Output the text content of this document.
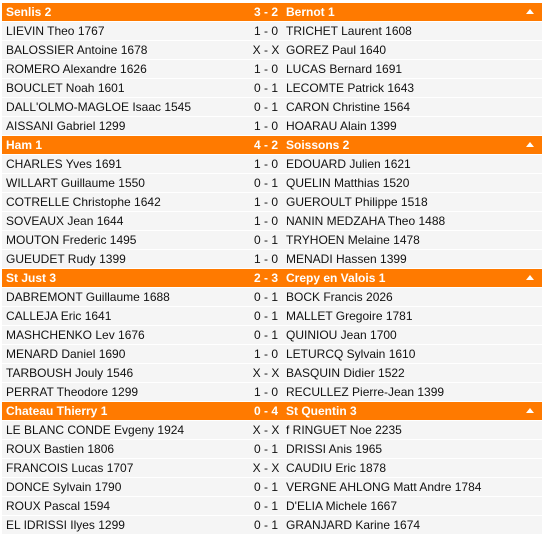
Senlis 2	3 - 2	Bernot 1

LIEVIN Theo 1767	1 - 0	TRICHET Laurent 1608
BALOSSIER Antoine 1678	X - X	GOREZ Paul 1640
ROMERO Alexandre 1626	1 - 0	LUCAS Bernard 1691
BOUCLET Noah 1601	0 - 1	LECOMTE Patrick 1643
DALL'OLMO-MAGLOE Isaac 1545	0 - 1	CARON Christine 1564
AISSANI Gabriel 1299	1 - 0	HOARAU Alain 1399
Ham 1	4 - 2	Soissons 2

CHARLES Yves 1691	1 - 0	EDOUARD Julien 1621
WILLART Guillaume 1550	0 - 1	QUELIN Matthias 1520
COTRELLE Christophe 1642	1 - 0	GUEROULT Philippe 1518
SOVEAUX Jean 1644	1 - 0	NANIN MEDZAHA Theo 1488
MOUTON Frederic 1495	0 - 1	TRYHOEN Melaine 1478
GUEUDET Rudy 1399	1 - 0	MENADI Hassen 1399
St Just 3	2 - 3	Crepy en Valois 1

DABREMONT Guillaume 1688	0 - 1	BOCK Francis 2026
CALLEJA Eric 1641	0 - 1	MALLET Gregoire 1781
MASHCHENKO Lev 1676	0 - 1	QUINIOU Jean 1700
MENARD Daniel 1690	1 - 0	LETURCQ Sylvain 1610
TARBOUSH Jouly 1546	X - X	BASQUIN Didier 1522
PERRAT Theodore 1299	1 - 0	RECULLEZ Pierre-Jean 1399
Chateau Thierry 1	0 - 4	St Quentin 3

LE BLANC CONDE Evgeny 1924	X - X	f RINGUET Noe 2235
ROUX Bastien 1806	0 - 1	DRISSI Anis 1965
FRANCOIS Lucas 1707	X - X	CAUDIU Eric 1878
DONCE Sylvain 1790	0 - 1	VERGNE AHLONG Matt Andre 1784
ROUX Pascal 1594	0 - 1	D'ELIA Michele 1667
EL IDRISSI Ilyes 1299	0 - 1	GRANJARD Karine 1674
